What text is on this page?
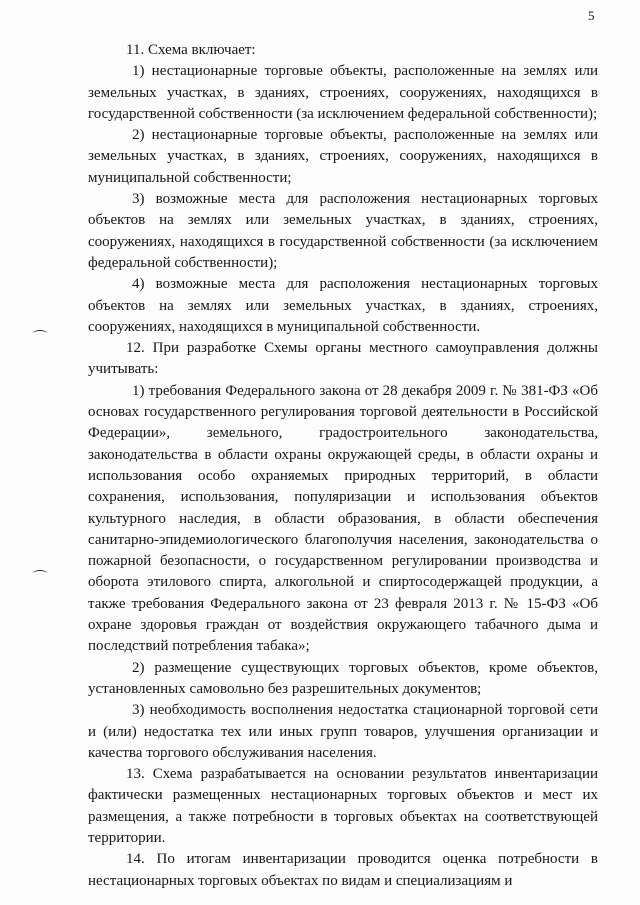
5

11. Схема включает:

1) нестационарные торговые объекты, расположенные на землях или земельных участках, в зданиях, строениях, сооружениях, находящихся в государственной собственности (за исключением федеральной собственности);

2) нестационарные торговые объекты, расположенные на землях или земельных участках, в зданиях, строениях, сооружениях, находящихся в муниципальной собственности;

3) возможные места для расположения нестационарных торговых объектов на землях или земельных участках, в зданиях, строениях, сооружениях, находящихся в государственной собственности (за исключением федеральной собственности);

4) возможные места для расположения нестационарных торговых объектов на землях или земельных участках, в зданиях, строениях, сооружениях, находящихся в муниципальной собственности.

12. При разработке Схемы органы местного самоуправления должны учитывать:

1) требования Федерального закона от 28 декабря 2009 г. № 381-ФЗ «Об основах государственного регулирования торговой деятельности в Российской Федерации», земельного, градостроительного законодательства, законодательства в области охраны окружающей среды, в области охраны и использования особо охраняемых природных территорий, в области сохранения, использования, популяризации и использования объектов культурного наследия, в области образования, в области обеспечения санитарно-эпидемиологического благополучия населения, законодательства о пожарной безопасности, о государственном регулировании производства и оборота этилового спирта, алкогольной и спиртосодержащей продукции, а также требования Федерального закона от 23 февраля 2013 г. № 15-ФЗ «Об охране здоровья граждан от воздействия окружающего табачного дыма и последствий потребления табака»;

2) размещение существующих торговых объектов, кроме объектов, установленных самовольно без разрешительных документов;

3) необходимость восполнения недостатка стационарной торговой сети и (или) недостатка тех или иных групп товаров, улучшения организации и качества торгового обслуживания населения.

13. Схема разрабатывается на основании результатов инвентаризации фактически размещенных нестационарных торговых объектов и мест их размещения, а также потребности в торговых объектах на соответствующей территории.

14. По итогам инвентаризации проводится оценка потребности в нестационарных торговых объектах по видам и специализациям и
